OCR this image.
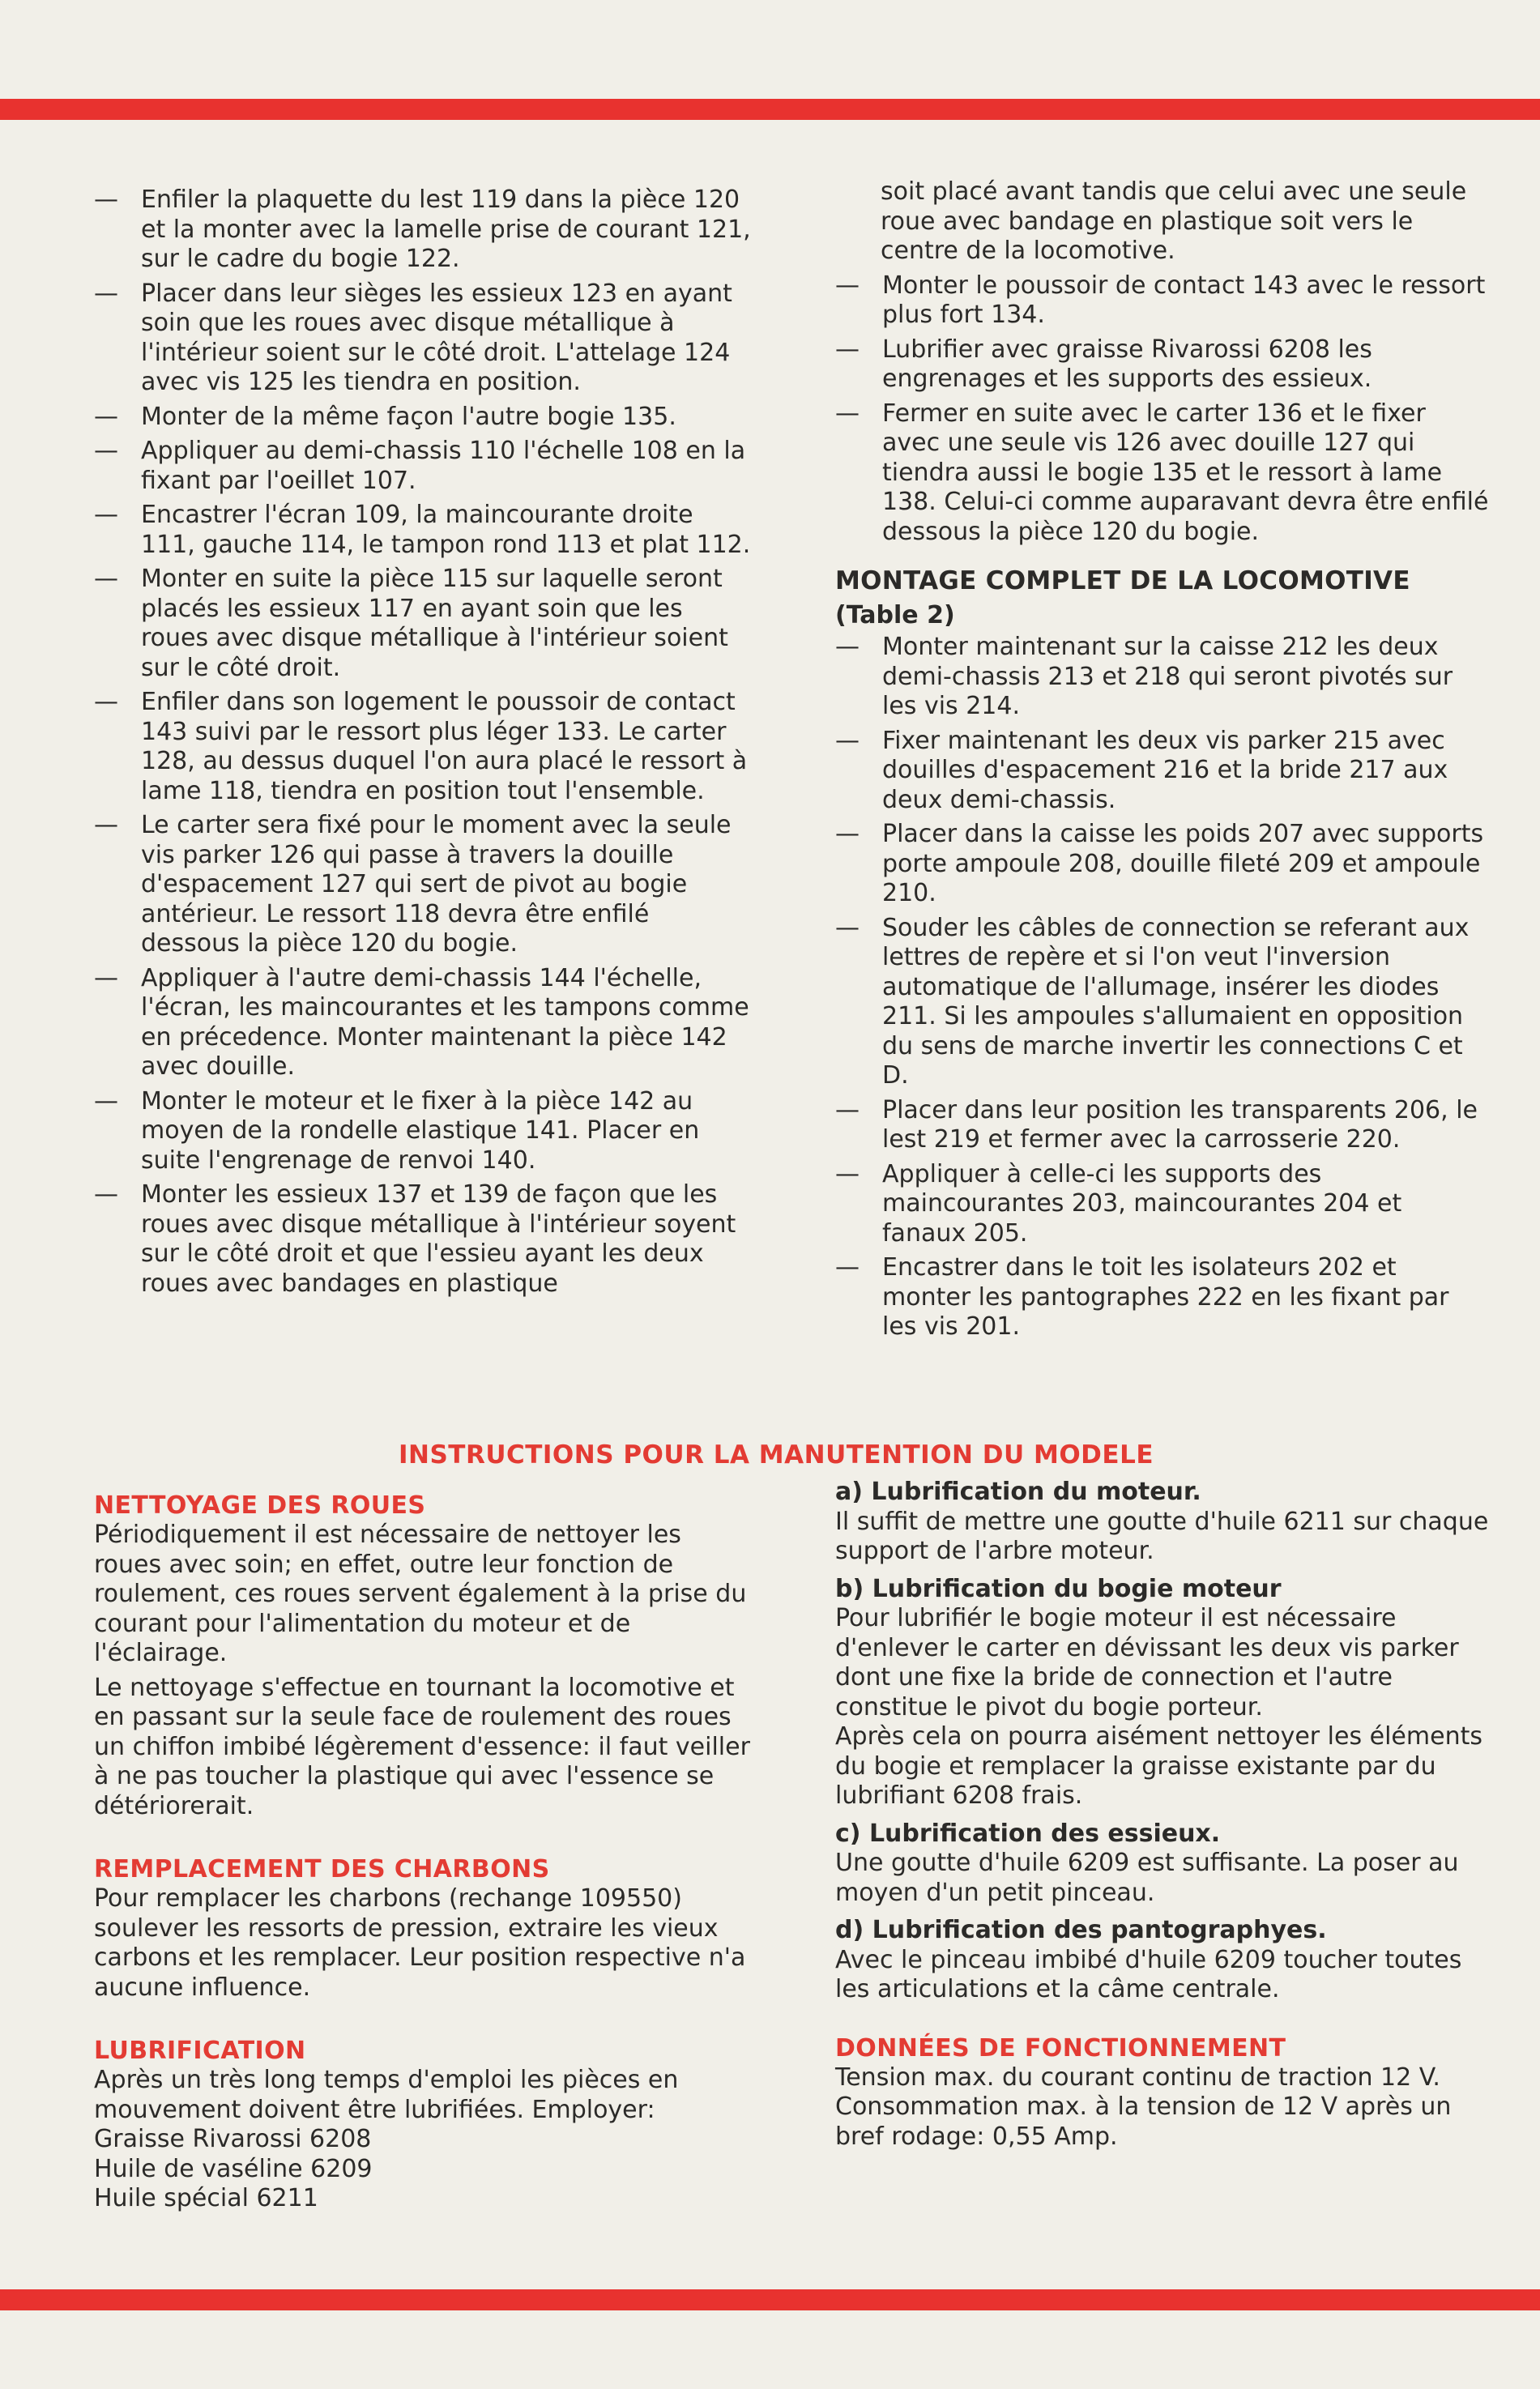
— Enfiler la plaquette du lest 119 dans la pièce 120 et la monter avec la lamelle prise de courant 121, sur le cadre du bogie 122.
— Placer dans leur sièges les essieux 123 en ayant soin que les roues avec disque métallique à l'intérieur soient sur le côté droit. L'attelage 124 avec vis 125 les tiendra en position.
— Monter de la même façon l'autre bogie 135.
— Appliquer au demi-chassis 110 l'échelle 108 en la fixant par l'oeillet 107.
— Encastrer l'écran 109, la maincourante droite 111, gauche 114, le tampon rond 113 et plat 112.
— Monter en suite la pièce 115 sur laquelle seront placés les essieux 117 en ayant soin que les roues avec disque métallique à l'intérieur soient sur le côté droit.
— Enfiler dans son logement le poussoir de contact 143 suivi par le ressort plus léger 133. Le carter 128, au dessus duquel l'on aura placé le ressort à lame 118, tiendra en position tout l'ensemble.
— Le carter sera fixé pour le moment avec la seule vis parker 126 qui passe à travers la douille d'espacement 127 qui sert de pivot au bogie antérieur. Le ressort 118 devra être enfilé dessous la pièce 120 du bogie.
— Appliquer à l'autre demi-chassis 144 l'échelle, l'écran, les maincourantes et les tampons comme en précedence. Monter maintenant la pièce 142 avec douille.
— Monter le moteur et le fixer à la pièce 142 au moyen de la rondelle elastique 141. Placer en suite l'engrenage de renvoi 140.
— Monter les essieux 137 et 139 de façon que les roues avec disque métallique à l'intérieur soyent sur le côté droit et que l'essieu ayant les deux roues avec bandages en plastique
soit placé avant tandis que celui avec une seule roue avec bandage en plastique soit vers le centre de la locomotive.
— Monter le poussoir de contact 143 avec le ressort plus fort 134.
— Lubrifier avec graisse Rivarossi 6208 les engrenages et les supports des essieux.
— Fermer en suite avec le carter 136 et le fixer avec une seule vis 126 avec douille 127 qui tiendra aussi le bogie 135 et le ressort à lame 138. Celui-ci comme auparavant devra être enfilé dessous la pièce 120 du bogie.
MONTAGE COMPLET DE LA LOCOMOTIVE
(Table 2)
— Monter maintenant sur la caisse 212 les deux demi-chassis 213 et 218 qui seront pivotés sur les vis 214.
— Fixer maintenant les deux vis parker 215 avec douilles d'espacement 216 et la bride 217 aux deux demi-chassis.
— Placer dans la caisse les poids 207 avec supports porte ampoule 208, douille fileté 209 et ampoule 210.
— Souder les câbles de connection se referant aux lettres de repère et si l'on veut l'inversion automatique de l'allumage, insérer les diodes 211. Si les ampoules s'allumaient en opposition du sens de marche invertir les connections C et D.
— Placer dans leur position les transparents 206, le lest 219 et fermer avec la carrosserie 220.
— Appliquer à celle-ci les supports des maincourantes 203, maincourantes 204 et fanaux 205.
— Encastrer dans le toit les isolateurs 202 et monter les pantographes 222 en les fixant par les vis 201.
INSTRUCTIONS POUR LA MANUTENTION DU MODELE
NETTOYAGE DES ROUES
Périodiquement il est nécessaire de nettoyer les roues avec soin; en effet, outre leur fonction de roulement, ces roues servent également à la prise du courant pour l'alimentation du moteur et de l'éclairage.
Le nettoyage s'effectue en tournant la locomotive et en passant sur la seule face de roulement des roues un chiffon imbibé légèrement d'essence: il faut veiller à ne pas toucher la plastique qui avec l'essence se détériorerait.
REMPLACEMENT DES CHARBONS
Pour remplacer les charbons (rechange 109550) soulever les ressorts de pression, extraire les vieux carbons et les remplacer. Leur position respective n'a aucune influence.
LUBRIFICATION
Après un très long temps d'emploi les pièces en mouvement doivent être lubrifiées. Employer:
Graisse Rivarossi 6208
Huile de vaséline 6209
Huile spécial 6211
a) Lubrification du moteur.
Il suffit de mettre une goutte d'huile 6211 sur chaque support de l'arbre moteur.
b) Lubrification du bogie moteur
Pour lubrifiér le bogie moteur il est nécessaire d'enlever le carter en dévissant les deux vis parker dont une fixe la bride de connection et l'autre constitue le pivot du bogie porteur.
Après cela on pourra aisément nettoyer les éléments du bogie et remplacer la graisse existante par du lubrifiant 6208 frais.
c) Lubrification des essieux.
Une goutte d'huile 6209 est suffisante. La poser au moyen d'un petit pinceau.
d) Lubrification des pantographyes.
Avec le pinceau imbibé d'huile 6209 toucher toutes les articulations et la câme centrale.
DONNÉES DE FONCTIONNEMENT
Tension max. du courant continu de traction 12 V.
Consommation max. à la tension de 12 V après un bref rodage: 0,55 Amp.
